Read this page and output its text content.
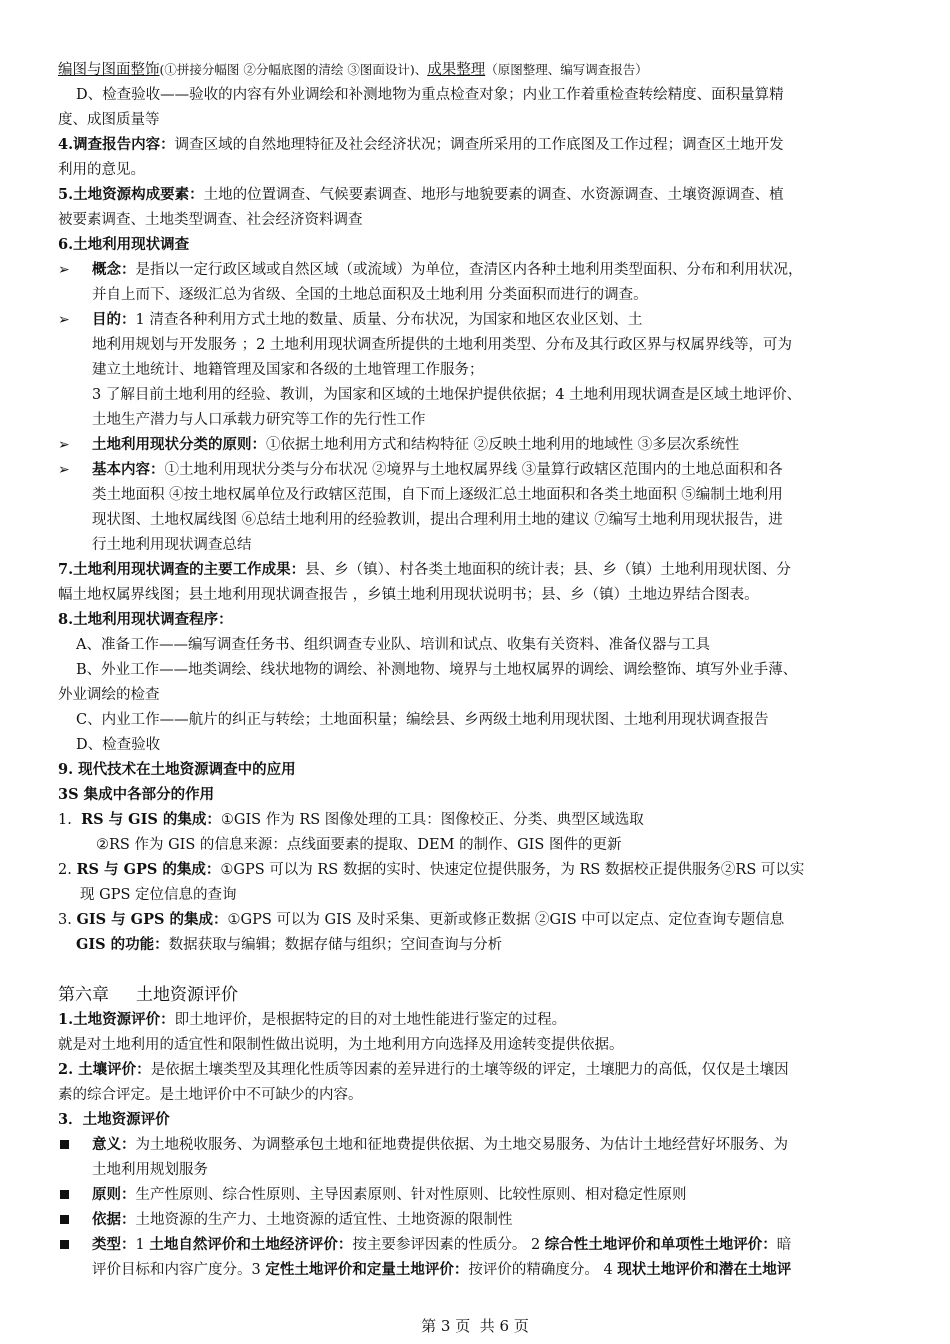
编图与图面整饰(①拼接分幅图 ②分幅底图的清绘 ③图面设计)、成果整理（原图整理、编写调查报告）
D、检查验收——验收的内容有外业调绘和补测地物为重点检查对象；内业工作着重检查转绘精度、面积量算精
度、成图质量等
4.调查报告内容：调查区域的自然地理特征及社会经济状况；调查所采用的工作底图及工作过程；调查区土地开发
利用的意见。
5.土地资源构成要素：土地的位置调查、气候要素调查、地形与地貌要素的调查、水资源调查、土壤资源调查、植
被要素调查、土地类型调查、社会经济资料调查
6.土地利用现状调查
➢	概念：是指以一定行政区域或自然区域（或流域）为单位，查清区内各种土地利用类型面积、分布和利用状况，
并自上而下、逐级汇总为省级、全国的土地总面积及土地利用 分类面积而进行的调查。
➢	目的：1 清查各种利用方式土地的数量、质量、分布状况，为国家和地区农业区划、土
地利用规划与开发服务 ；2 土地利用现状调查所提供的土地利用类型、分布及其行政区界与权属界线等，可为
建立土地统计、地籍管理及国家和各级的土地管理工作服务；
3 了解目前土地利用的经验、教训，为国家和区域的土地保护提供依据；4 土地利用现状调查是区域土地评价、
土地生产潜力与人口承载力研究等工作的先行性工作
➢	土地利用现状分类的原则：①依据土地利用方式和结构特征 ②反映土地利用的地域性 ③多层次系统性
➢	基本内容：①土地利用现状分类与分布状况 ②境界与土地权属界线 ③量算行政辖区范围内的土地总面积和各
类土地面积 ④按土地权属单位及行政辖区范围，自下而上逐级汇总土地面积和各类土地面积 ⑤编制土地利用
现状图、土地权属线图 ⑥总结土地利用的经验教训，提出合理利用土地的建议 ⑦编写土地利用现状报告，进
行土地利用现状调查总结
7.土地利用现状调查的主要工作成果：县、乡（镇）、村各类土地面积的统计表；县、乡（镇）土地利用现状图、分
幅土地权属界线图；县土地利用现状调查报告 ，乡镇土地利用现状说明书；县、乡（镇）土地边界结合图表。
8.土地利用现状调查程序：
A、准备工作——编写调查任务书、组织调查专业队、培训和试点、收集有关资料、准备仪器与工具
B、外业工作——地类调绘、线状地物的调绘、补测地物、境界与土地权属界的调绘、调绘整饰、填写外业手薄、
外业调绘的检查
C、内业工作——航片的纠正与转绘；土地面积量；编绘县、乡两级土地利用现状图、土地利用现状调查报告
D、检查验收
9. 现代技术在土地资源调查中的应用
3S 集成中各部分的作用
1. RS 与 GIS 的集成：①GIS 作为 RS 图像处理的工具：图像校正、分类、典型区域选取
②RS 作为 GIS 的信息来源：点线面要素的提取、DEM 的制作、GIS 图件的更新
2. RS 与 GPS 的集成：①GPS 可以为 RS 数据的实时、快速定位提供服务，为 RS 数据校正提供服务②RS 可以实
现 GPS 定位信息的查询
3. GIS 与 GPS 的集成：①GPS 可以为 GIS 及时采集、更新或修正数据 ②GIS 中可以定点、定位查询专题信息
GIS 的功能：数据获取与编辑；数据存储与组织；空间查询与分析
第六章     土地资源评价
1.土地资源评价：即土地评价，是根据特定的目的对土地性能进行鉴定的过程。
就是对土地利用的适宜性和限制性做出说明，为土地利用方向选择及用途转变提供依据。
2. 土壤评价：是依据土壤类型及其理化性质等因素的差异进行的土壤等级的评定，土壤肥力的高低，仅仅是土壤因
素的综合评定。是土地评价中不可缺少的内容。
3．土地资源评价
意义：为土地税收服务、为调整承包土地和征地费提供依据、为土地交易服务、为估计土地经营好坏服务、为
土地利用规划服务
原则：生产性原则、综合性原则、主导因素原则、针对性原则、比较性原则、相对稳定性原则
依据：土地资源的生产力、土地资源的适宜性、土地资源的限制性
类型：1 土地自然评价和土地经济评价：按主要参评因素的性质分。 2 综合性土地评价和单项性土地评价：暗
评价目标和内容广度分。3 定性土地评价和定量土地评价：按评价的精确度分。 4 现状土地评价和潜在土地评
第 3 页  共 6 页
